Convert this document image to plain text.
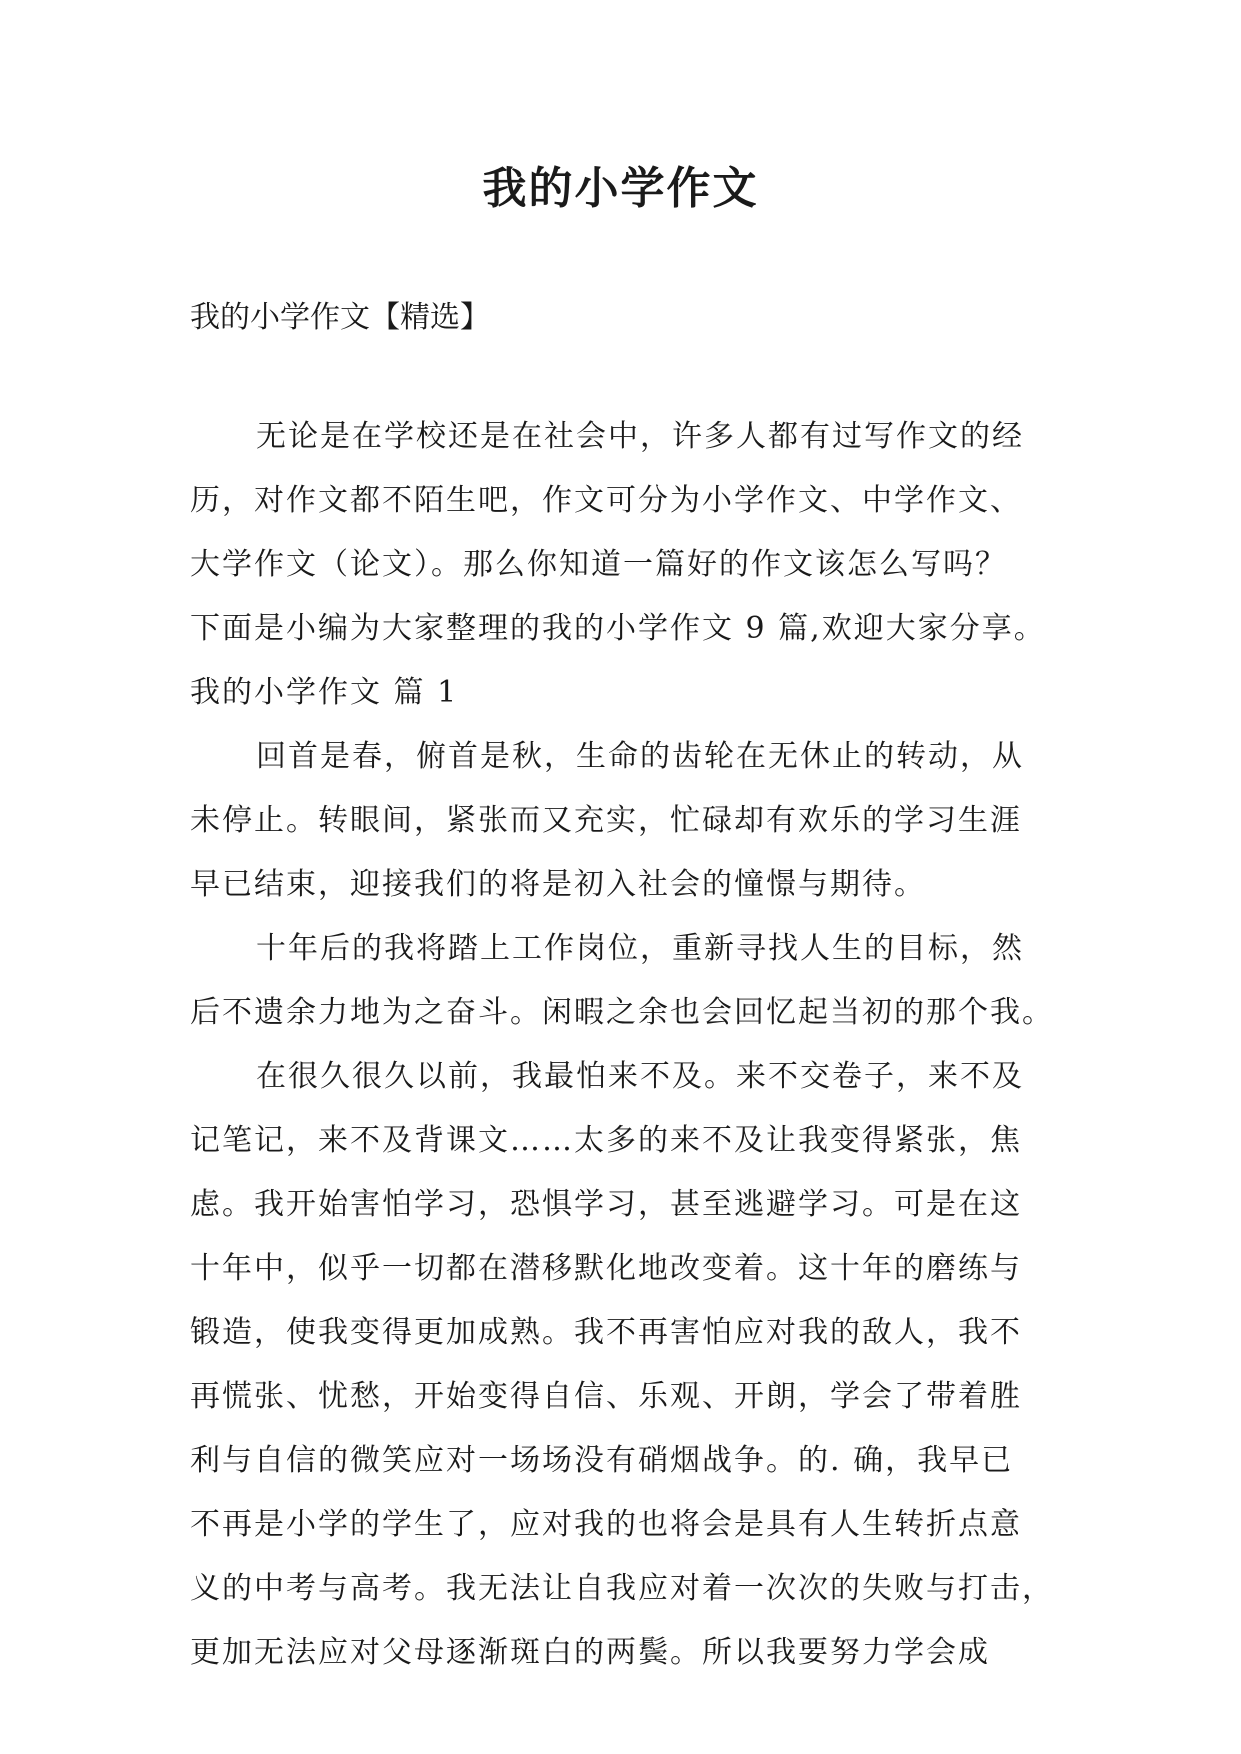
我的小学作文

我的小学作文【精选】

无论是在学校还是在社会中，许多人都有过写作文的经

历，对作文都不陌生吧，作文可分为小学作文、中学作文、

大学作文（论文）。那么你知道一篇好的作文该怎么写吗？

下面是小编为大家整理的我的小学作文 9 篇,欢迎大家分享。

我的小学作文 篇 1

回首是春，俯首是秋，生命的齿轮在无休止的转动，从

未停止。转眼间，紧张而又充实，忙碌却有欢乐的学习生涯

早已结束，迎接我们的将是初入社会的憧憬与期待。

十年后的我将踏上工作岗位，重新寻找人生的目标，然

后不遗余力地为之奋斗。闲暇之余也会回忆起当初的那个我。

在很久很久以前，我最怕来不及。来不交卷子，来不及

记笔记，来不及背课文……太多的来不及让我变得紧张，焦

虑。我开始害怕学习，恐惧学习，甚至逃避学习。可是在这

十年中，似乎一切都在潜移默化地改变着。这十年的磨练与

锻造，使我变得更加成熟。我不再害怕应对我的敌人，我不

再慌张、忧愁，开始变得自信、乐观、开朗，学会了带着胜

利与自信的微笑应对一场场没有硝烟战争。的. 确，我早已

不再是小学的学生了，应对我的也将会是具有人生转折点意

义的中考与高考。我无法让自我应对着一次次的失败与打击，

更加无法应对父母逐渐斑白的两鬓。所以我要努力学会成
